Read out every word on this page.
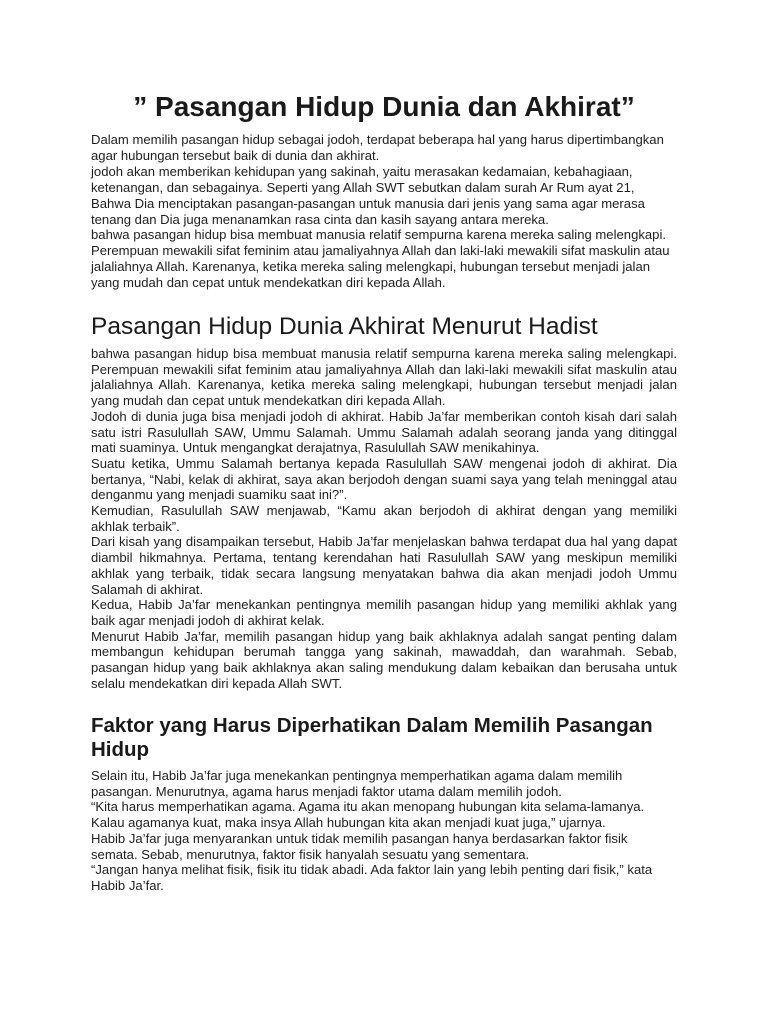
” Pasangan Hidup Dunia dan Akhirat”
Dalam memilih pasangan hidup sebagai jodoh, terdapat beberapa hal yang harus dipertimbangkan
agar hubungan tersebut baik di dunia dan akhirat.
jodoh akan memberikan kehidupan yang sakinah, yaitu merasakan kedamaian, kebahagiaan,
ketenangan, dan sebagainya. Seperti yang Allah SWT sebutkan dalam surah Ar Rum ayat 21,
Bahwa Dia menciptakan pasangan-pasangan untuk manusia dari jenis yang sama agar merasa
tenang dan Dia juga menanamkan rasa cinta dan kasih sayang antara mereka.
bahwa pasangan hidup bisa membuat manusia relatif sempurna karena mereka saling melengkapi.
Perempuan mewakili sifat feminim atau jamaliyahnya Allah dan laki-laki mewakili sifat maskulin atau
jalaliahnya Allah. Karenanya, ketika mereka saling melengkapi, hubungan tersebut menjadi jalan
yang mudah dan cepat untuk mendekatkan diri kepada Allah.
Pasangan Hidup Dunia Akhirat Menurut Hadist
bahwa pasangan hidup bisa membuat manusia relatif sempurna karena mereka saling melengkapi.
Perempuan mewakili sifat feminim atau jamaliyahnya Allah dan laki-laki mewakili sifat maskulin atau
jalaliahnya Allah. Karenanya, ketika mereka saling melengkapi, hubungan tersebut menjadi jalan
yang mudah dan cepat untuk mendekatkan diri kepada Allah.
Jodoh di dunia juga bisa menjadi jodoh di akhirat. Habib Ja’far memberikan contoh kisah dari salah
satu istri Rasulullah SAW, Ummu Salamah. Ummu Salamah adalah seorang janda yang ditinggal
mati suaminya. Untuk mengangkat derajatnya, Rasulullah SAW menikahinya.
Suatu ketika, Ummu Salamah bertanya kepada Rasulullah SAW mengenai jodoh di akhirat. Dia
bertanya, “Nabi, kelak di akhirat, saya akan berjodoh dengan suami saya yang telah meninggal atau
denganmu yang menjadi suamiku saat ini?”.
Kemudian, Rasulullah SAW menjawab, “Kamu akan berjodoh di akhirat dengan yang memiliki
akhlak terbaik”.
Dari kisah yang disampaikan tersebut, Habib Ja’far menjelaskan bahwa terdapat dua hal yang dapat
diambil hikmahnya. Pertama, tentang kerendahan hati Rasulullah SAW yang meskipun memiliki
akhlak yang terbaik, tidak secara langsung menyatakan bahwa dia akan menjadi jodoh Ummu
Salamah di akhirat.
Kedua, Habib Ja’far menekankan pentingnya memilih pasangan hidup yang memiliki akhlak yang
baik agar menjadi jodoh di akhirat kelak.
Menurut Habib Ja’far, memilih pasangan hidup yang baik akhlaknya adalah sangat penting dalam
membangun kehidupan berumah tangga yang sakinah, mawaddah, dan warahmah. Sebab,
pasangan hidup yang baik akhlaknya akan saling mendukung dalam kebaikan dan berusaha untuk
selalu mendekatkan diri kepada Allah SWT.
Faktor yang Harus Diperhatikan Dalam Memilih Pasangan
Hidup
Selain itu, Habib Ja’far juga menekankan pentingnya memperhatikan agama dalam memilih
pasangan. Menurutnya, agama harus menjadi faktor utama dalam memilih jodoh.
“Kita harus memperhatikan agama. Agama itu akan menopang hubungan kita selama-lamanya.
Kalau agamanya kuat, maka insya Allah hubungan kita akan menjadi kuat juga,” ujarnya.
Habib Ja’far juga menyarankan untuk tidak memilih pasangan hanya berdasarkan faktor fisik
semata. Sebab, menurutnya, faktor fisik hanyalah sesuatu yang sementara.
“Jangan hanya melihat fisik, fisik itu tidak abadi. Ada faktor lain yang lebih penting dari fisik,” kata
Habib Ja’far.
